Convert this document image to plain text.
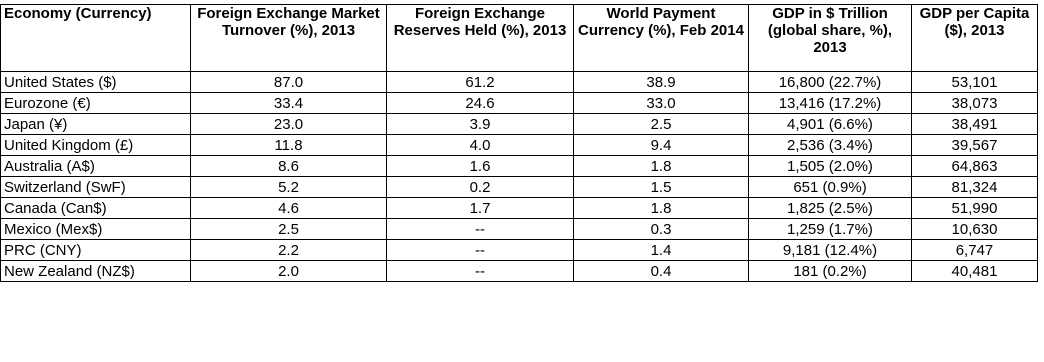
Economy (Currency)	Foreign Exchange Market Turnover (%), 2013	Foreign Exchange Reserves Held (%), 2013	World Payment Currency (%), Feb 2014	GDP in $ Trillion (global share, %), 2013	GDP per Capita ($), 2013
United States ($)	87.0	61.2	38.9	16,800 (22.7%)	53,101
Eurozone (€)	33.4	24.6	33.0	13,416 (17.2%)	38,073
Japan (¥)	23.0	3.9	2.5	4,901 (6.6%)	38,491
United Kingdom (£)	11.8	4.0	9.4	2,536 (3.4%)	39,567
Australia (A$)	8.6	1.6	1.8	1,505 (2.0%)	64,863
Switzerland (SwF)	5.2	0.2	1.5	651 (0.9%)	81,324
Canada (Can$)	4.6	1.7	1.8	1,825 (2.5%)	51,990
Mexico (Mex$)	2.5	--	0.3	1,259 (1.7%)	10,630
PRC (CNY)	2.2	--	1.4	9,181 (12.4%)	6,747
New Zealand (NZ$)	2.0	--	0.4	181 (0.2%)	40,481
